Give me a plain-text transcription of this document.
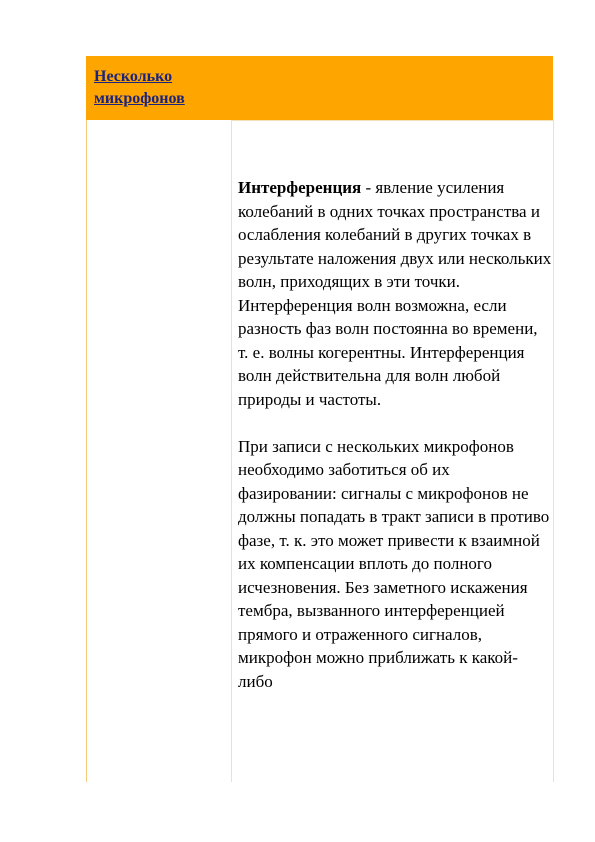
Несколько микрофонов

Интерференция - явление усиления колебаний в одних точках пространства и ослабления колебаний в других точках в результате наложения двух или нескольких волн, приходящих в эти точки. Интерференция волн возможна, если разность фаз волн постоянна во времени, т. е. волны когерентны. Интерференция волн действительна для волн любой природы и частоты.

При записи с нескольких микрофонов необходимо заботиться об их фазировании: сигналы с микрофонов не должны попадать в тракт записи в противо фазе, т. к. это может привести к взаимной их компенсации вплоть до полного исчезновения. Без заметного искажения тембра, вызванного интерференцией прямого и отраженного сигналов, микрофон можно приближать к какой-либо
